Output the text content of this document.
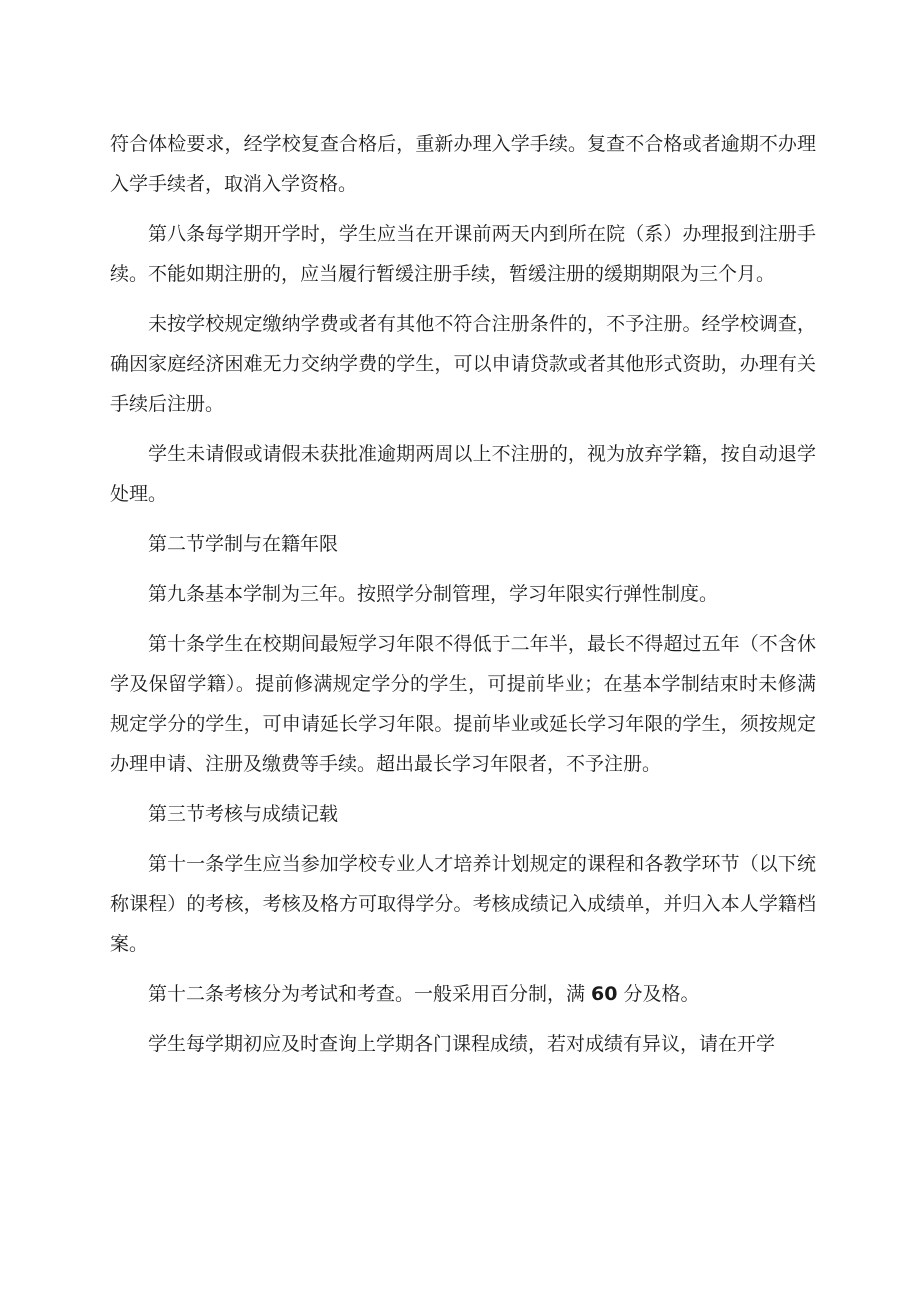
符合体检要求，经学校复查合格后，重新办理入学手续。复查不合格或者逾期不办理入学手续者，取消入学资格。

第八条每学期开学时，学生应当在开课前两天内到所在院（系）办理报到注册手续。不能如期注册的，应当履行暂缓注册手续，暂缓注册的缓期期限为三个月。

未按学校规定缴纳学费或者有其他不符合注册条件的，不予注册。经学校调查，确因家庭经济困难无力交纳学费的学生，可以申请贷款或者其他形式资助，办理有关手续后注册。

学生未请假或请假未获批准逾期两周以上不注册的，视为放弃学籍，按自动退学处理。

第二节学制与在籍年限

第九条基本学制为三年。按照学分制管理，学习年限实行弹性制度。

第十条学生在校期间最短学习年限不得低于二年半，最长不得超过五年（不含休学及保留学籍）。提前修满规定学分的学生，可提前毕业；在基本学制结束时未修满规定学分的学生，可申请延长学习年限。提前毕业或延长学习年限的学生，须按规定办理申请、注册及缴费等手续。超出最长学习年限者，不予注册。

第三节考核与成绩记载

第十一条学生应当参加学校专业人才培养计划规定的课程和各教学环节（以下统称课程）的考核，考核及格方可取得学分。考核成绩记入成绩单，并归入本人学籍档案。

第十二条考核分为考试和考查。一般采用百分制，满 60 分及格。

学生每学期初应及时查询上学期各门课程成绩，若对成绩有异议，请在开学
